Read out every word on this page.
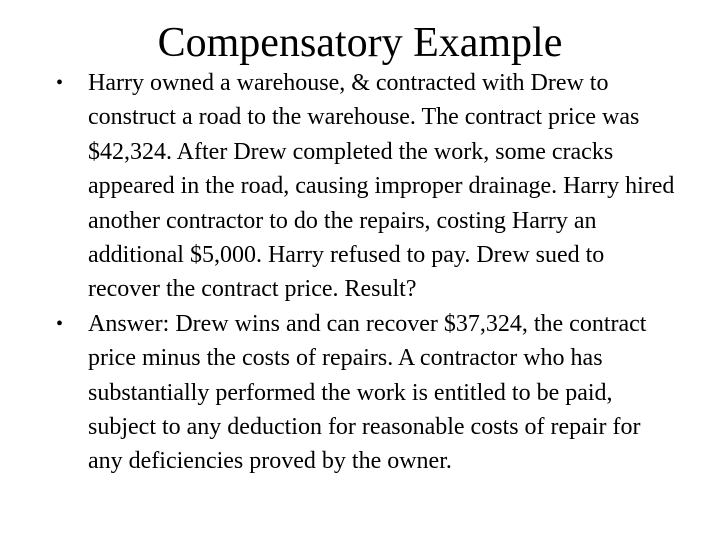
Compensatory Example
•	Harry owned a warehouse, & contracted with Drew to construct a road to the warehouse. The contract price was $42,324. After Drew completed the work, some cracks appeared in the road, causing improper drainage. Harry hired another contractor to do the repairs, costing Harry an additional $5,000. Harry refused to pay. Drew sued to recover the contract price. Result?
•	Answer: Drew wins and can recover $37,324, the contract price minus the costs of repairs. A contractor who has substantially performed the work is entitled to be paid, subject to any deduction for reasonable costs of repair for any deficiencies proved by the owner.
